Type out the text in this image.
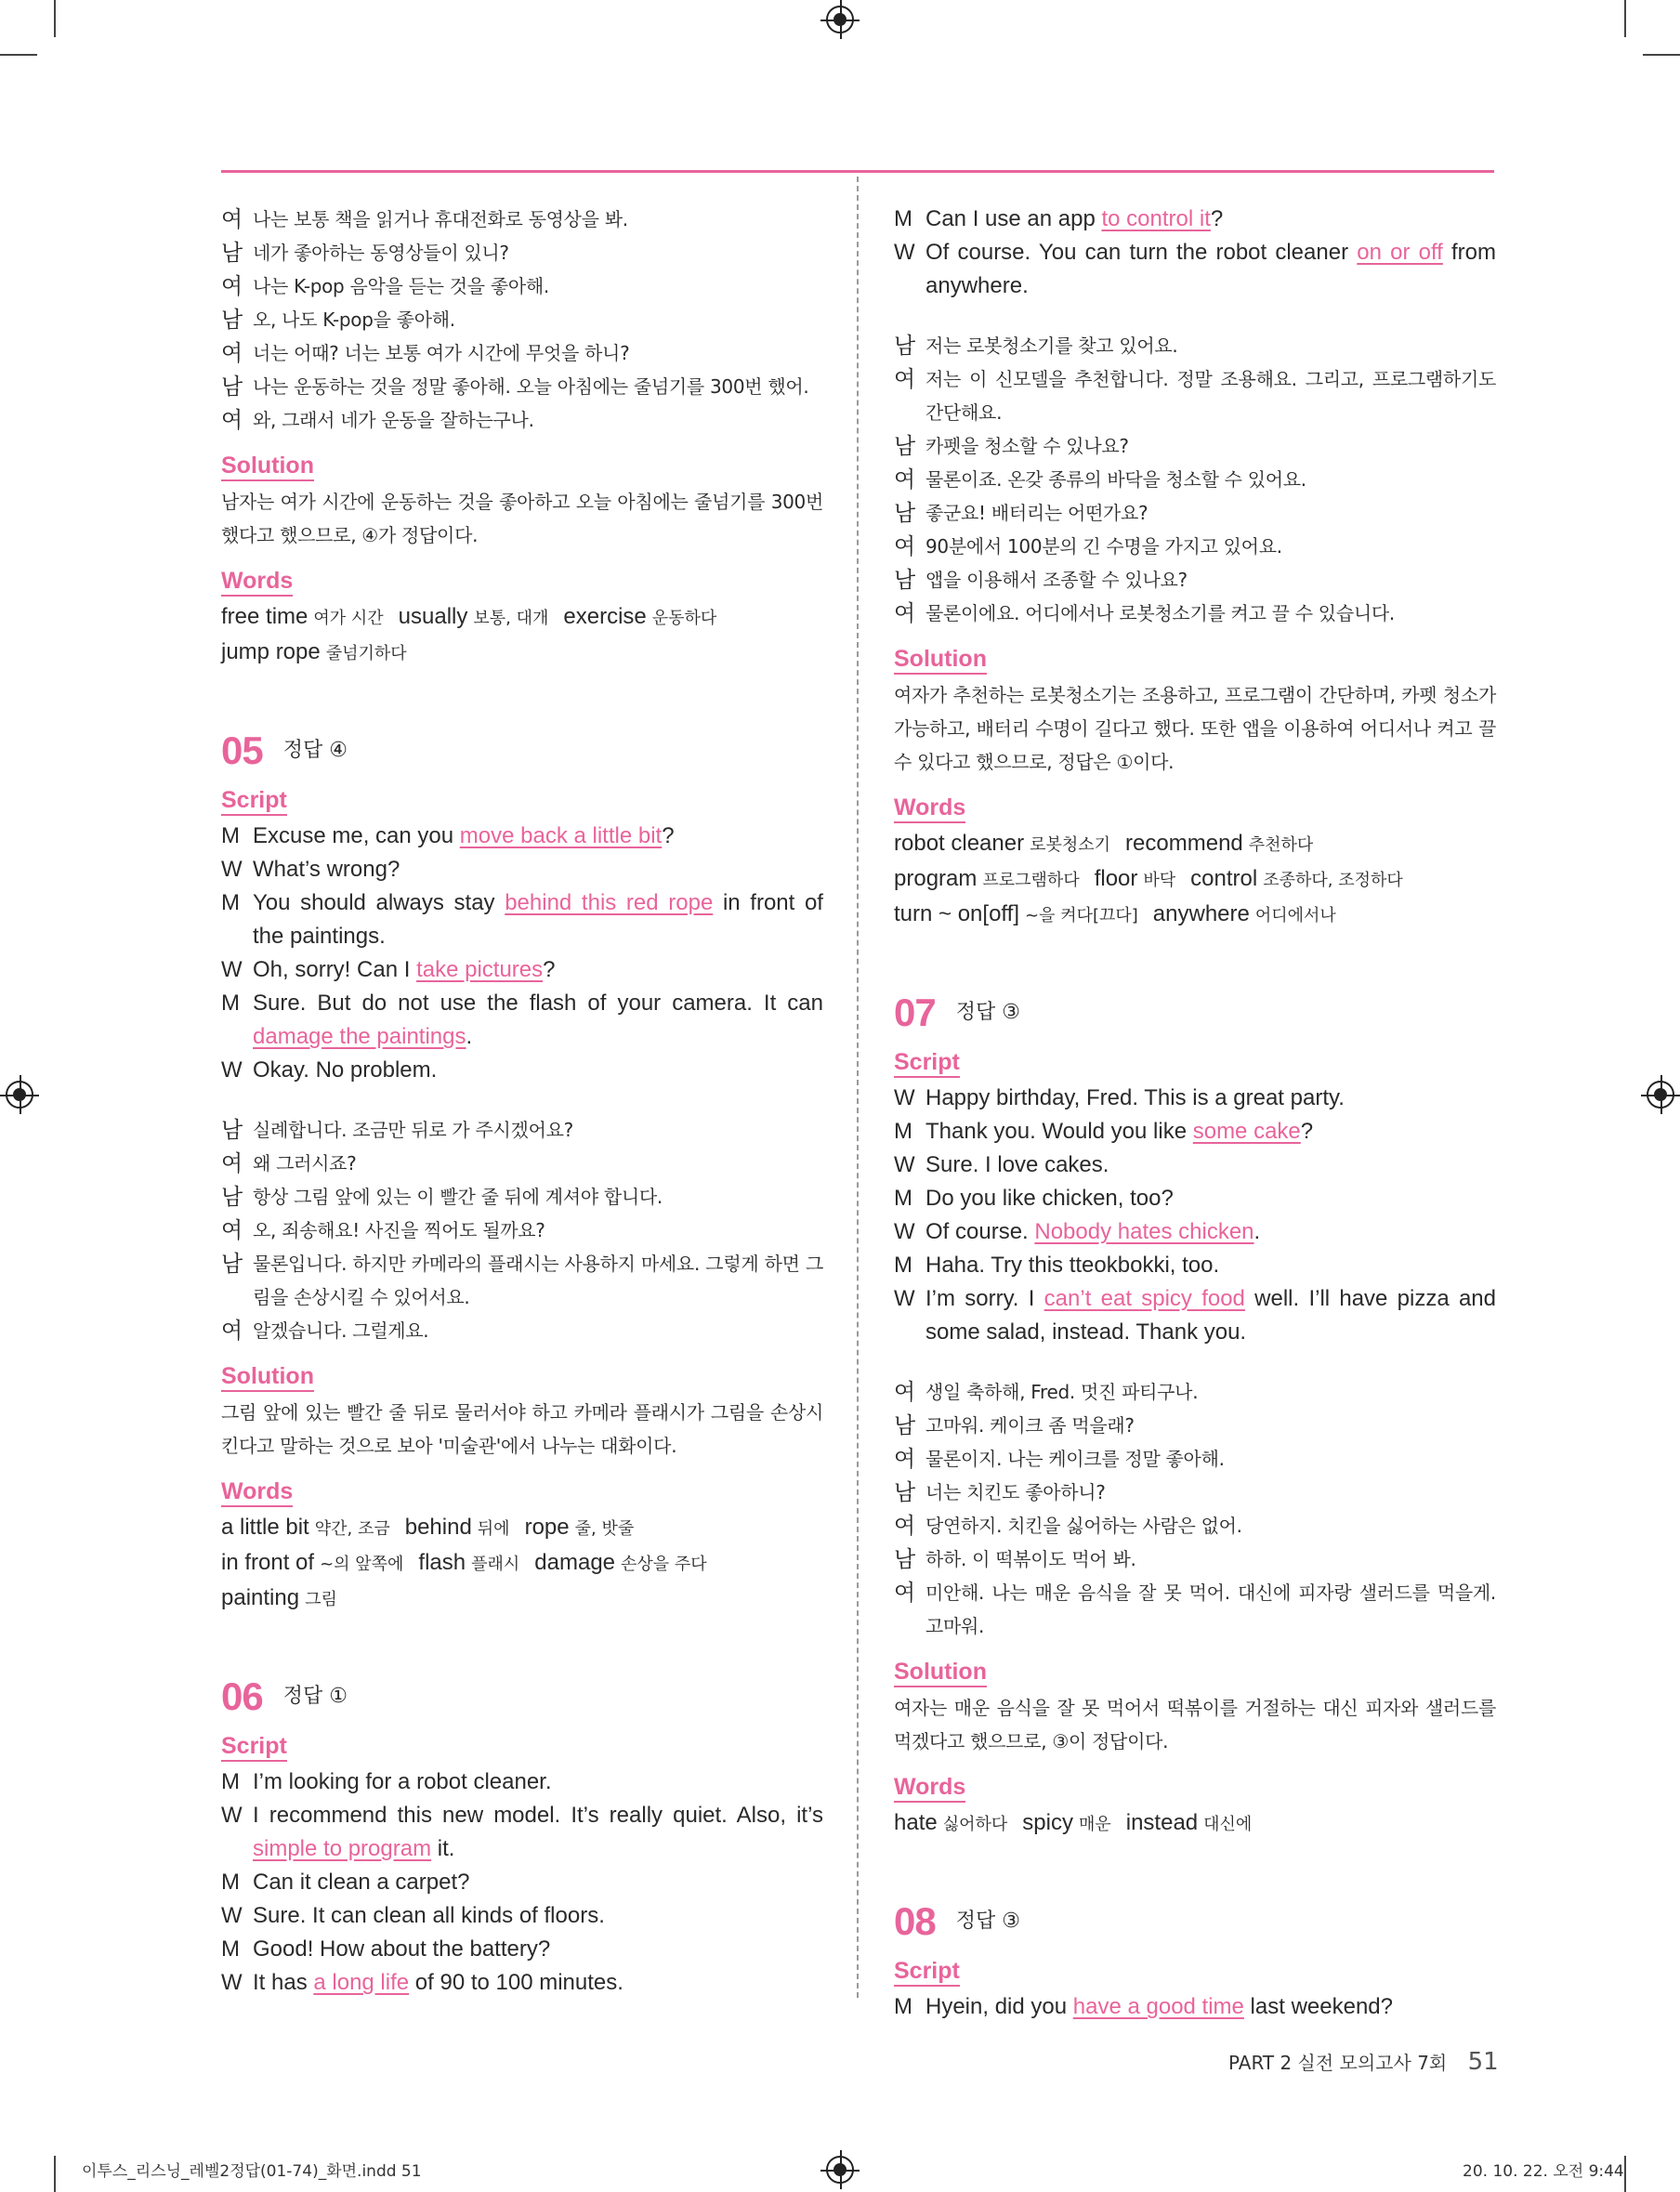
여 나는 보통 책을 읽거나 휴대전화로 동영상을 봐.
남 네가 좋아하는 동영상들이 있니?
여 나는 K-pop 음악을 듣는 것을 좋아해.
남 오, 나도 K-pop을 좋아해.
여 너는 어때? 너는 보통 여가 시간에 무엇을 하니?
남 나는 운동하는 것을 정말 좋아해. 오늘 아침에는 줄넘기를 300번 했어.
여 와, 그래서 네가 운동을 잘하는구나.
Solution
남자는 여가 시간에 운동하는 것을 좋아하고 오늘 아침에는 줄넘기를 300번 했다고 했으므로, ④가 정답이다.
Words
free time 여가 시간 usually 보통, 대개 exercise 운동하다
jump rope 줄넘기하다
05 정답 ④
Script
M Excuse me, can you move back a little bit?
W What’s wrong?
M You should always stay behind this red rope in front of the paintings.
W Oh, sorry! Can I take pictures?
M Sure. But do not use the flash of your camera. It can damage the paintings.
W Okay. No problem.
남 실례합니다. 조금만 뒤로 가 주시겠어요?
여 왜 그러시죠?
남 항상 그림 앞에 있는 이 빨간 줄 뒤에 계셔야 합니다.
여 오, 죄송해요! 사진을 찍어도 될까요?
남 물론입니다. 하지만 카메라의 플래시는 사용하지 마세요. 그렇게 하면 그림을 손상시킬 수 있어서요.
여 알겠습니다. 그럴게요.
Solution
그림 앞에 있는 빨간 줄 뒤로 물러서야 하고 카메라 플래시가 그림을 손상시킨다고 말하는 것으로 보아 '미술관'에서 나누는 대화이다.
Words
a little bit 약간, 조금 behind 뒤에 rope 줄, 밧줄
in front of ~의 앞쪽에 flash 플래시 damage 손상을 주다
painting 그림
06 정답 ①
Script
M I’m looking for a robot cleaner.
W I recommend this new model. It’s really quiet. Also, it’s simple to program it.
M Can it clean a carpet?
W Sure. It can clean all kinds of floors.
M Good! How about the battery?
W It has a long life of 90 to 100 minutes.
M Can I use an app to control it?
W Of course. You can turn the robot cleaner on or off from anywhere.
남 저는 로봇청소기를 찾고 있어요.
여 저는 이 신모델을 추천합니다. 정말 조용해요. 그리고, 프로그램하기도 간단해요.
남 카펫을 청소할 수 있나요?
여 물론이죠. 온갖 종류의 바닥을 청소할 수 있어요.
남 좋군요! 배터리는 어떤가요?
여 90분에서 100분의 긴 수명을 가지고 있어요.
남 앱을 이용해서 조종할 수 있나요?
여 물론이에요. 어디에서나 로봇청소기를 켜고 끌 수 있습니다.
Solution
여자가 추천하는 로봇청소기는 조용하고, 프로그램이 간단하며, 카펫 청소가 가능하고, 배터리 수명이 길다고 했다. 또한 앱을 이용하여 어디서나 켜고 끌 수 있다고 했으므로, 정답은 ①이다.
Words
robot cleaner 로봇청소기 recommend 추천하다
program 프로그램하다 floor 바닥 control 조종하다, 조정하다
turn ~ on[off] ~을 켜다[끄다] anywhere 어디에서나
07 정답 ③
Script
W Happy birthday, Fred. This is a great party.
M Thank you. Would you like some cake?
W Sure. I love cakes.
M Do you like chicken, too?
W Of course. Nobody hates chicken.
M Haha. Try this tteokbokki, too.
W I’m sorry. I can’t eat spicy food well. I’ll have pizza and some salad, instead. Thank you.
여 생일 축하해, Fred. 멋진 파티구나.
남 고마워. 케이크 좀 먹을래?
여 물론이지. 나는 케이크를 정말 좋아해.
남 너는 치킨도 좋아하니?
여 당연하지. 치킨을 싫어하는 사람은 없어.
남 하하. 이 떡볶이도 먹어 봐.
여 미안해. 나는 매운 음식을 잘 못 먹어. 대신에 피자랑 샐러드를 먹을게. 고마워.
Solution
여자는 매운 음식을 잘 못 먹어서 떡볶이를 거절하는 대신 피자와 샐러드를 먹겠다고 했으므로, ③이 정답이다.
Words
hate 싫어하다 spicy 매운 instead 대신에
08 정답 ③
Script
M Hyein, did you have a good time last weekend?
PART 2 실전 모의고사 7회 51
이투스_리스닝_레벨2정답(01-74)_화면.indd 51	20. 10. 22. 오전 9:44
